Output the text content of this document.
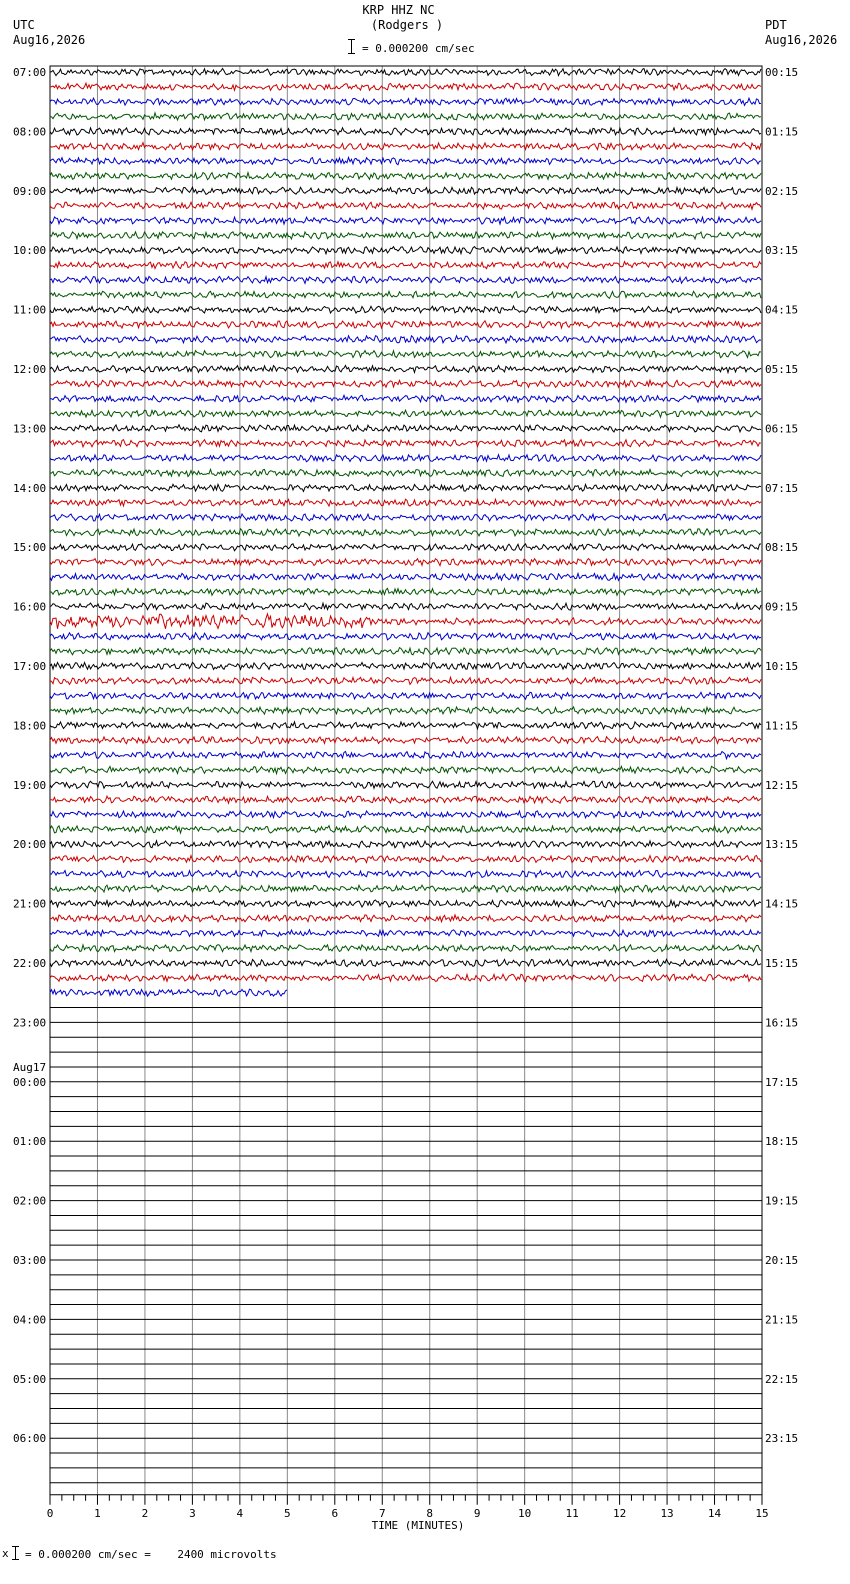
KRP HHZ NC
(Rodgers )
UTC
Aug16,2026
PDT
Aug16,2026
= 0.000200 cm/sec
07:00
08:00
09:00
10:00
11:00
12:00
13:00
14:00
15:00
16:00
17:00
18:00
19:00
20:00
21:00
22:00
23:00
00:00
Aug17
01:00
02:00
03:00
04:00
05:00
06:00
00:15
01:15
02:15
03:15
04:15
05:15
06:15
07:15
08:15
09:15
10:15
11:15
12:15
13:15
14:15
15:15
16:15
17:15
18:15
19:15
20:15
21:15
22:15
23:15
0	1	2	3	4	5	6	7	8	9	10	11	12	13	14	15
TIME (MINUTES)
x = 0.000200 cm/sec =    2400 microvolts
